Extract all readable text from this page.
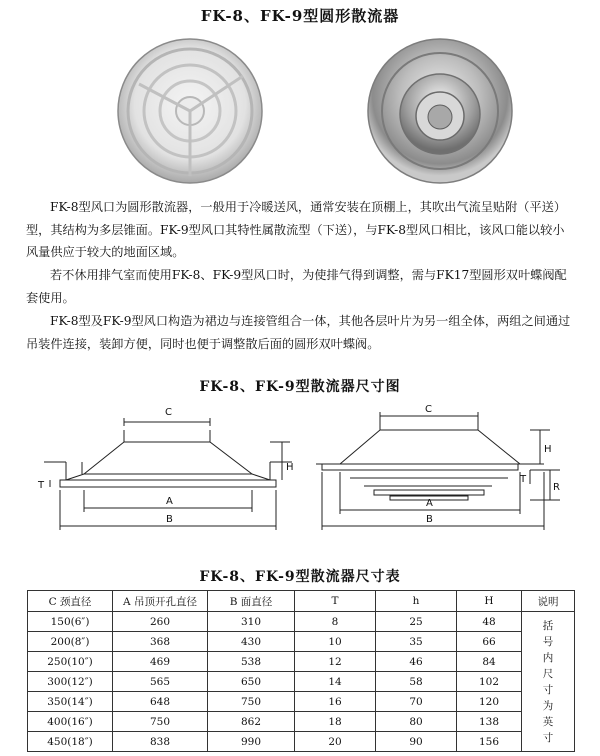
FK-8、FK-9型圆形散流器
FK-8型风口为圆形散流器，一般用于冷暖送风，通常安装在顶棚上，其吹出气流呈贴附（平送）型，其结构为多层锥面。FK-9型风口其特性属散流型（下送），与FK-8型风口相比，该风口能以较小风量供应于较大的地面区域。
若不休用排气室而使用FK-8、FK-9型风口时，为使排气得到调整，需与FK17型圆形双叶蝶阀配套使用。
FK-8型及FK-9型风口构造为裙边与连接管组合一体，其他各层叶片为另一组全体，两组之间通过吊装件连接，装卸方便，同时也便于调整散后面的圆形双叶蝶阀。
FK-8、FK-9型散流器尺寸图
C
H
T
A
B
C
H
T
R
A
B
FK-8、FK-9型散流器尺寸表
C 颈直径	A 吊顶开孔直径	B 面直径	T	h	H	说明
150(6″)	260	310	8	25	48	括号内尺寸为英寸
200(8″)	368	430	10	35	66	
250(10″)	469	538	12	46	84	
300(12″)	565	650	14	58	102	
350(14″)	648	750	16	70	120	
400(16″)	750	862	18	80	138	
450(18″)	838	990	20	90	156	
